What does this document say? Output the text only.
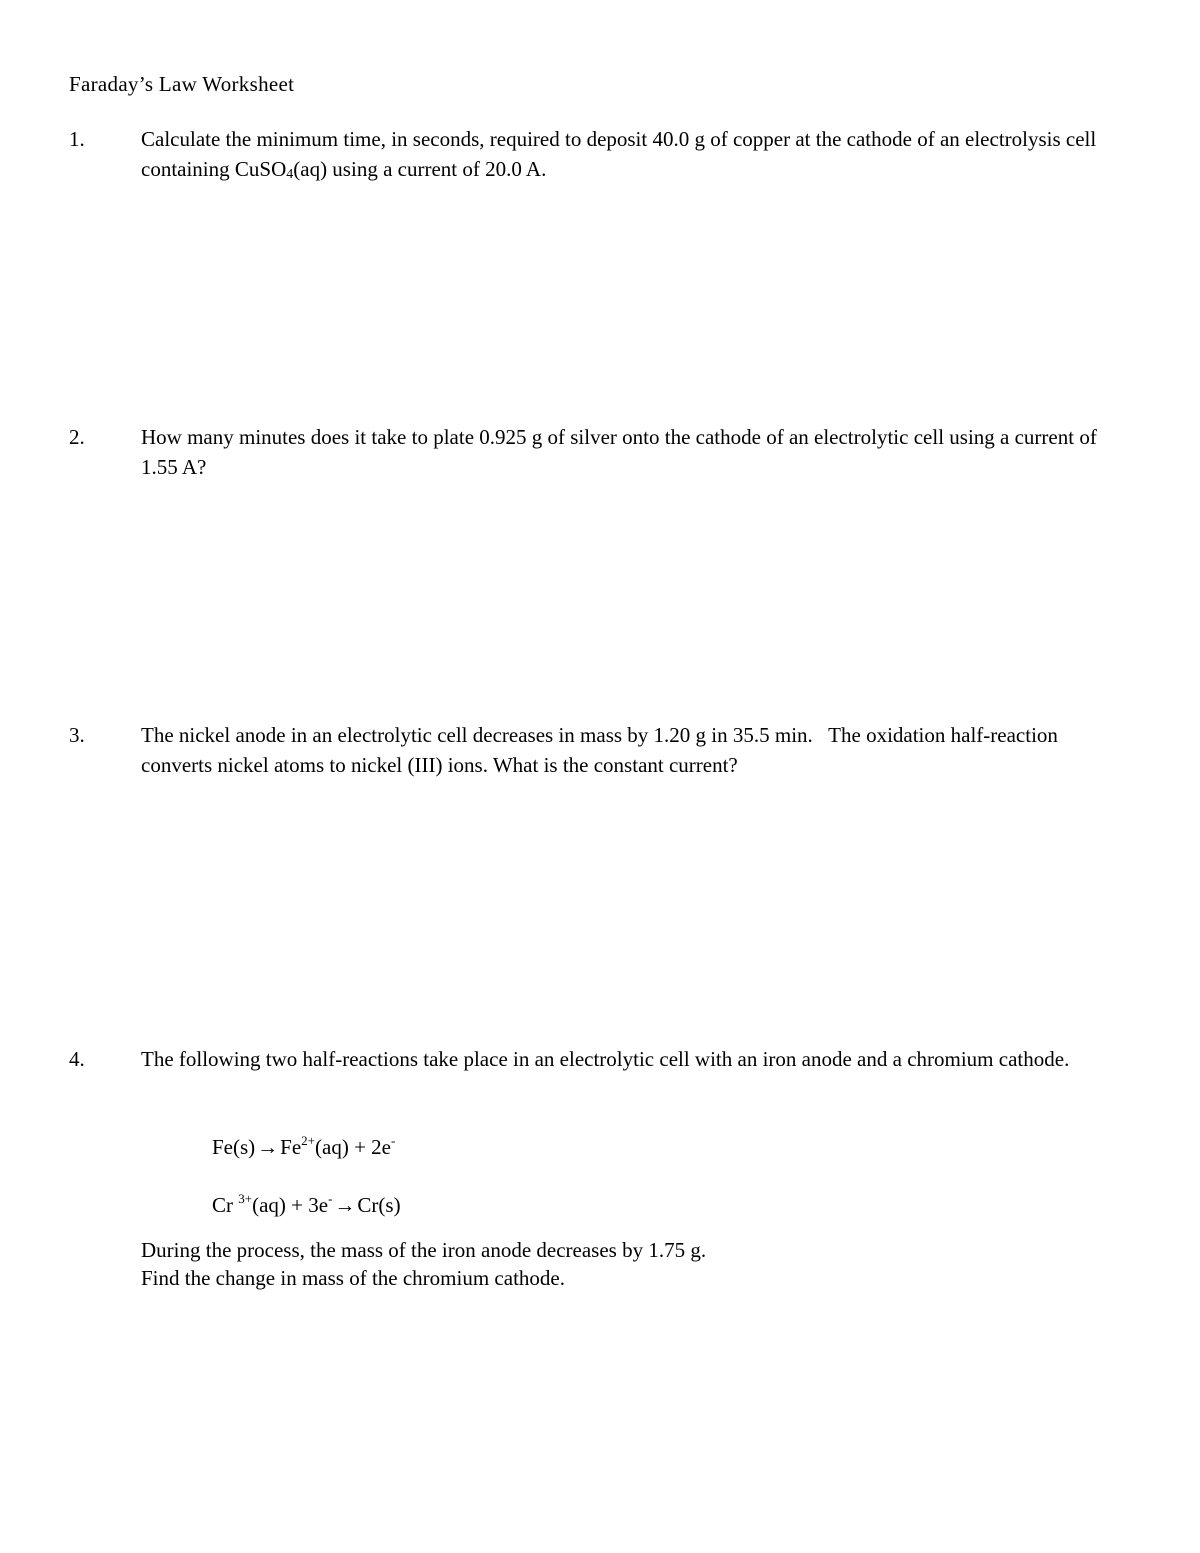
Faraday’s Law Worksheet
1.	Calculate the minimum time, in seconds, required to deposit 40.0 g of copper at the cathode of an electrolysis cell containing CuSO$_4$(aq) using a current of 20.0 A.

2.	How many minutes does it take to plate 0.925 g of silver onto the cathode of an electrolytic cell using a current of 1.55 A?

3.	The nickel anode in an electrolytic cell decreases in mass by 1.20 g in 35.5 min.   The oxidation half-reaction converts nickel atoms to nickel (III) ions. What is the constant current?

4.	The following two half-reactions take place in an electrolytic cell with an iron anode and a chromium cathode.

$Fe(s)\to Fe^{2+}(aq) + 2e^-$
Cr $^{3+}$(aq) + 3e-→Cr(s)
During the process, the mass of the iron anode decreases by 1.75 g.
Find the change in mass of the chromium cathode.
